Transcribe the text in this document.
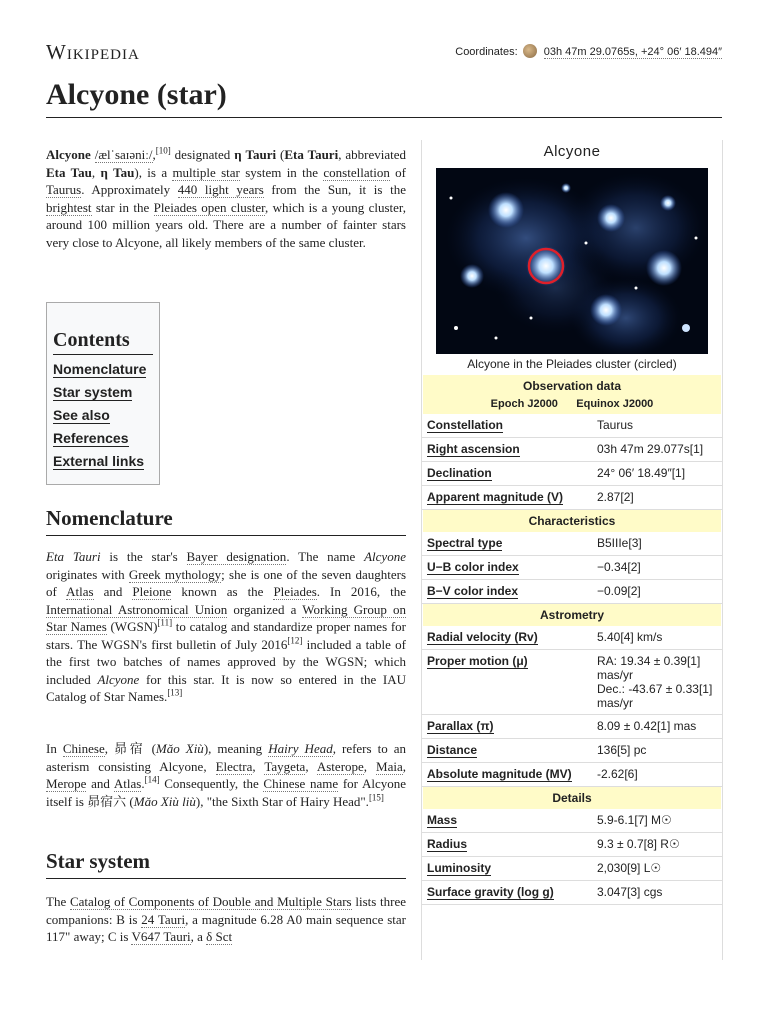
Wikipedia	Coordinates: 03h 47m 29.0765s, +24° 06′ 18.494″
Alcyone (star)

Alcyone /ælˈsaɪəniː/,[10] designated η Tauri (Eta Tauri, abbreviated Eta Tau, η Tau), is a multiple star system in the constellation of Taurus. Approximately 440 light years from the Sun, it is the brightest star in the Pleiades open cluster, which is a young cluster, around 100 million years old. There are a number of fainter stars very close to Alcyone, all likely members of the same cluster.

Contents
Nomenclature
Star system
See also
References
External links
Nomenclature

Eta Tauri is the star's Bayer designation. The name Alcyone originates with Greek mythology; she is one of the seven daughters of Atlas and Pleione known as the Pleiades. In 2016, the International Astronomical Union organized a Working Group on Star Names (WGSN)[11] to catalog and standardize proper names for stars. The WGSN's first bulletin of July 2016[12] included a table of the first two batches of names approved by the WGSN; which included Alcyone for this star. It is now so entered in the IAU Catalog of Star Names.[13]

In Chinese, 昴宿 (Mǎo Xiù), meaning Hairy Head, refers to an asterism consisting Alcyone, Electra, Taygeta, Asterope, Maia, Merope and Atlas.[14] Consequently, the Chinese name for Alcyone itself is 昴宿六 (Mǎo Xiù liù), "the Sixth Star of Hairy Head".[15]

Star system

The Catalog of Components of Double and Multiple Stars lists three companions: B is 24 Tauri, a magnitude 6.28 A0 main sequence star 117" away; C is V647 Tauri, a δ Sct

Alcyone
Alcyone in the Pleiades cluster (circled)
Observation data
Epoch J2000      Equinox J2000
Constellation	Taurus
Right ascension	03h 47m 29.077s[1]
Declination	24° 06′ 18.49″[1]
Apparent magnitude (V)	2.87[2]
Characteristics
Spectral type	B5IIIe[3]
U−B color index	−0.34[2]
B−V color index	−0.09[2]
Astrometry
Radial velocity (Rv)	5.40[4] km/s
Proper motion (μ)	RA: 19.34 ± 0.39[1] mas/yr
Dec.: -43.67 ± 0.33[1] mas/yr
Parallax (π)	8.09 ± 0.42[1] mas
Distance	136[5] pc
Absolute magnitude (MV)	-2.62[6]
Details
Mass	5.9-6.1[7] M☉
Radius	9.3 ± 0.7[8] R☉
Luminosity	2,030[9] L☉
Surface gravity (log g)	3.047[3] cgs
